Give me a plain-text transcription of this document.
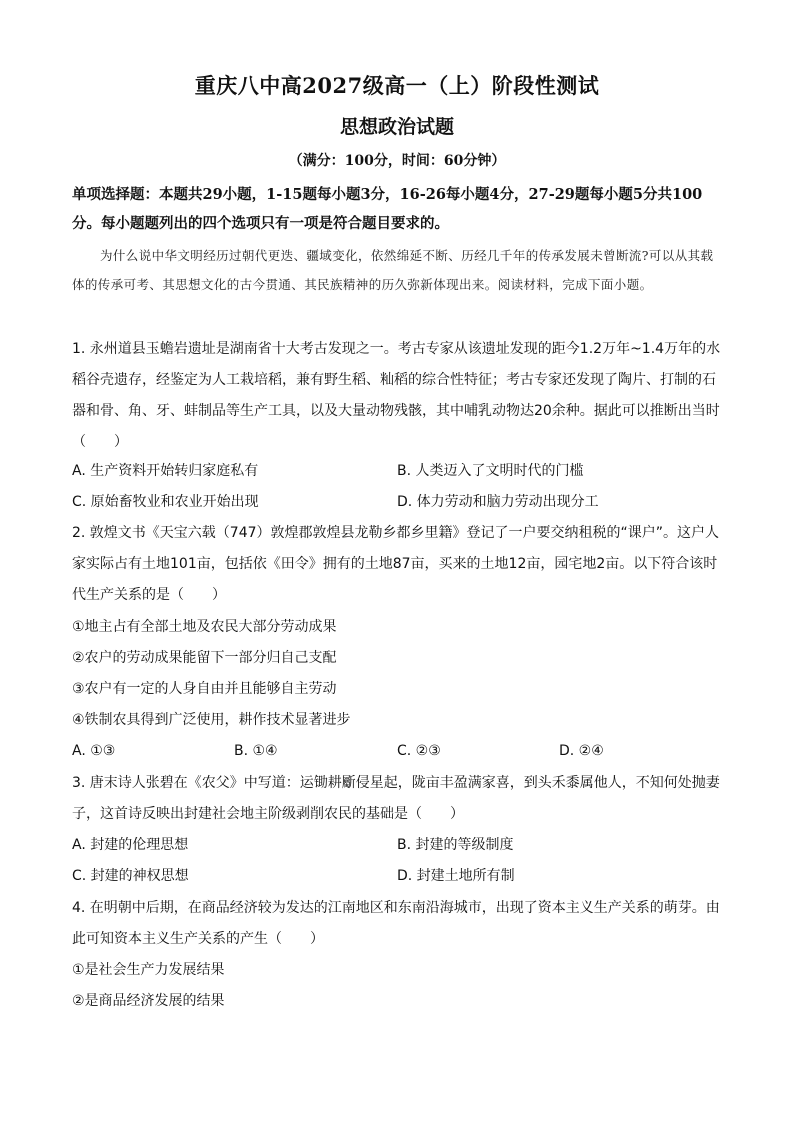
重庆八中高2027级高一（上）阶段性测试
思想政治试题
（满分：100分，时间：60分钟）
单项选择题：本题共29小题，1-15题每小题3分，16-26每小题4分，27-29题每小题5分共100分。每小题题列出的四个选项只有一项是符合题目要求的。
为什么说中华文明经历过朝代更迭、疆域变化，依然绵延不断、历经几千年的传承发展未曾断流?可以从其载体的传承可考、其思想文化的古今贯通、其民族精神的历久弥新体现出来。阅读材料，完成下面小题。
1. 永州道县玉蟾岩遗址是湖南省十大考古发现之一。考古专家从该遗址发现的距今1.2万年~1.4万年的水稻谷壳遗存，经鉴定为人工栽培稻，兼有野生稻、籼稻的综合性特征；考古专家还发现了陶片、打制的石器和骨、角、牙、蚌制品等生产工具，以及大量动物残骸，其中哺乳动物达20余种。据此可以推断出当时（　　）
A. 生产资料开始转归家庭私有	B. 人类迈入了文明时代的门槛
C. 原始畜牧业和农业开始出现	D. 体力劳动和脑力劳动出现分工
2. 敦煌文书《天宝六载（747）敦煌郡敦煌县龙勒乡都乡里籍》登记了一户要交纳租税的“课户”。这户人家实际占有土地101亩，包括依《田令》拥有的土地87亩，买来的土地12亩，园宅地2亩。以下符合该时代生产关系的是（　　）
①地主占有全部土地及农民大部分劳动成果
②农户的劳动成果能留下一部分归自己支配
③农户有一定的人身自由并且能够自主劳动
④铁制农具得到广泛使用，耕作技术显著进步
A. ①③	B. ①④	C. ②③	D. ②④
3. 唐末诗人张碧在《农父》中写道：运锄耕斸侵星起，陇亩丰盈满家喜，到头禾黍属他人，不知何处抛妻子，这首诗反映出封建社会地主阶级剥削农民的基础是（　　）
A. 封建的伦理思想	B. 封建的等级制度
C. 封建的神权思想	D. 封建土地所有制
4. 在明朝中后期，在商品经济较为发达的江南地区和东南沿海城市，出现了资本主义生产关系的萌芽。由此可知资本主义生产关系的产生（　　）
①是社会生产力发展结果
②是商品经济发展的结果
